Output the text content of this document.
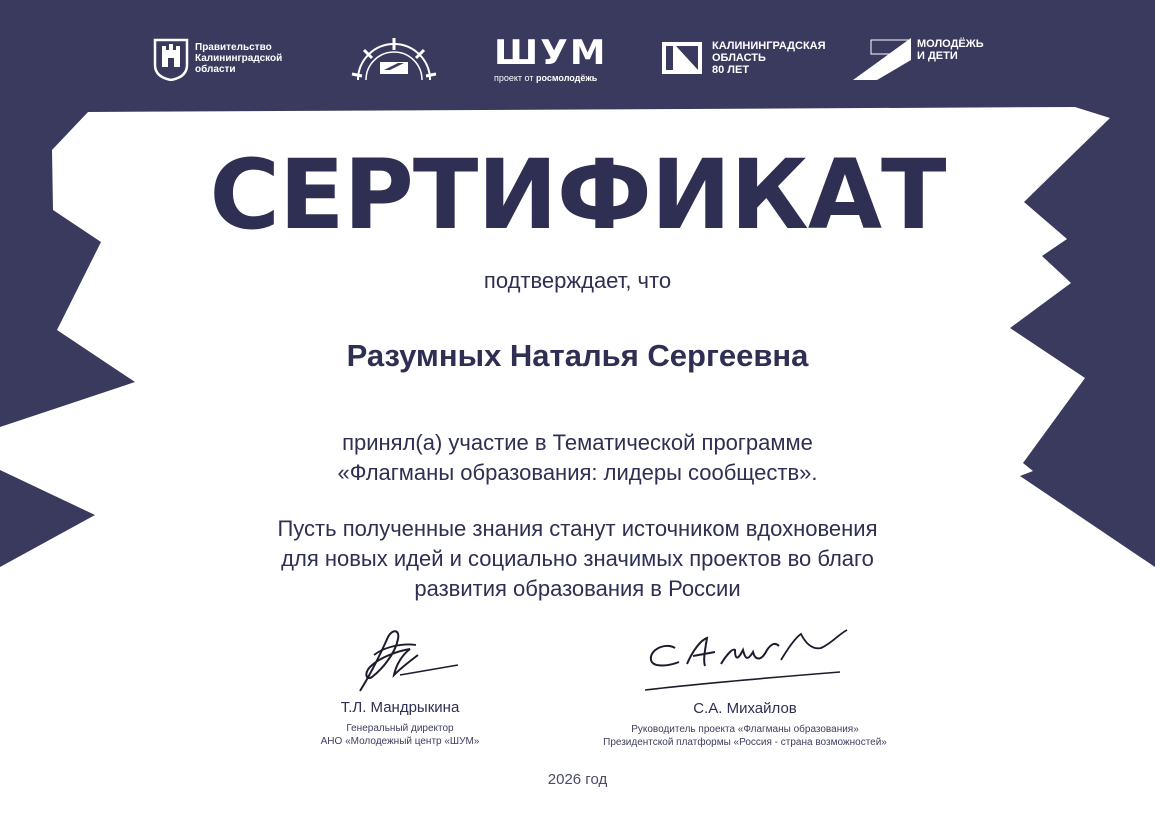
Правительство
Калининградской
области	ШУМ
проект от росмолодёжь
КАЛИНИНГРАДСКАЯ
ОБЛАСТЬ
80 ЛЕТ
МОЛОДЁЖЬ
И ДЕТИ
СЕРТИФИКАТ
подтверждает, что
Разумных Наталья Сергеевна
принял(а) участие в Тематической программе
«Флагманы образования: лидеры сообществ».
Пусть полученные знания станут источником вдохновения
для новых идей и социально значимых проектов во благо
развития образования в России
Т.Л. Мандрыкина
Генеральный директор
АНО «Молодежный центр «ШУМ»
С.А. Михайлов
Руководитель проекта «Флагманы образования»
Президентской платформы «Россия - страна возможностей»
2026 год
